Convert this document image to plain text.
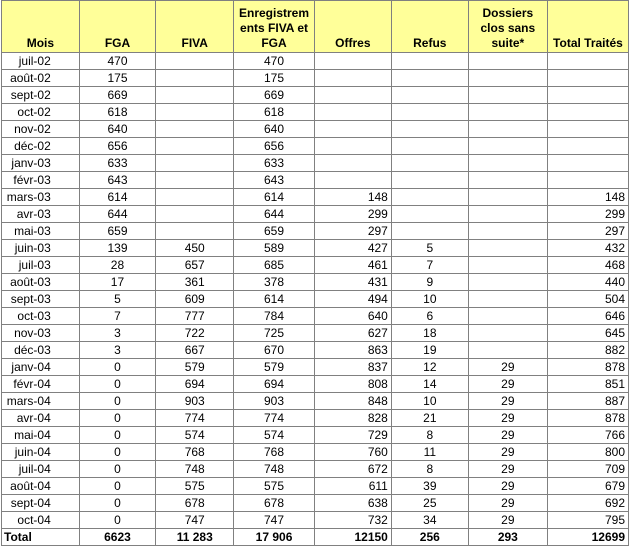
Mois	FGA	FIVA	Enregistrem ents FIVA et FGA	Offres	Refus	Dossiers clos sans suite*	Total Traités
juil-02	470		470				
août-02	175		175				
sept-02	669		669				
oct-02	618		618				
nov-02	640		640				
déc-02	656		656				
janv-03	633		633				
févr-03	643		643				
mars-03	614		614	148			148
avr-03	644		644	299			299
mai-03	659		659	297			297
juin-03	139	450	589	427	5		432
juil-03	28	657	685	461	7		468
août-03	17	361	378	431	9		440
sept-03	5	609	614	494	10		504
oct-03	7	777	784	640	6		646
nov-03	3	722	725	627	18		645
déc-03	3	667	670	863	19		882
janv-04	0	579	579	837	12	29	878
févr-04	0	694	694	808	14	29	851
mars-04	0	903	903	848	10	29	887
avr-04	0	774	774	828	21	29	878
mai-04	0	574	574	729	8	29	766
juin-04	0	768	768	760	11	29	800
juil-04	0	748	748	672	8	29	709
août-04	0	575	575	611	39	29	679
sept-04	0	678	678	638	25	29	692
oct-04	0	747	747	732	34	29	795
Total	6623	11 283	17 906	12150	256	293	12699
